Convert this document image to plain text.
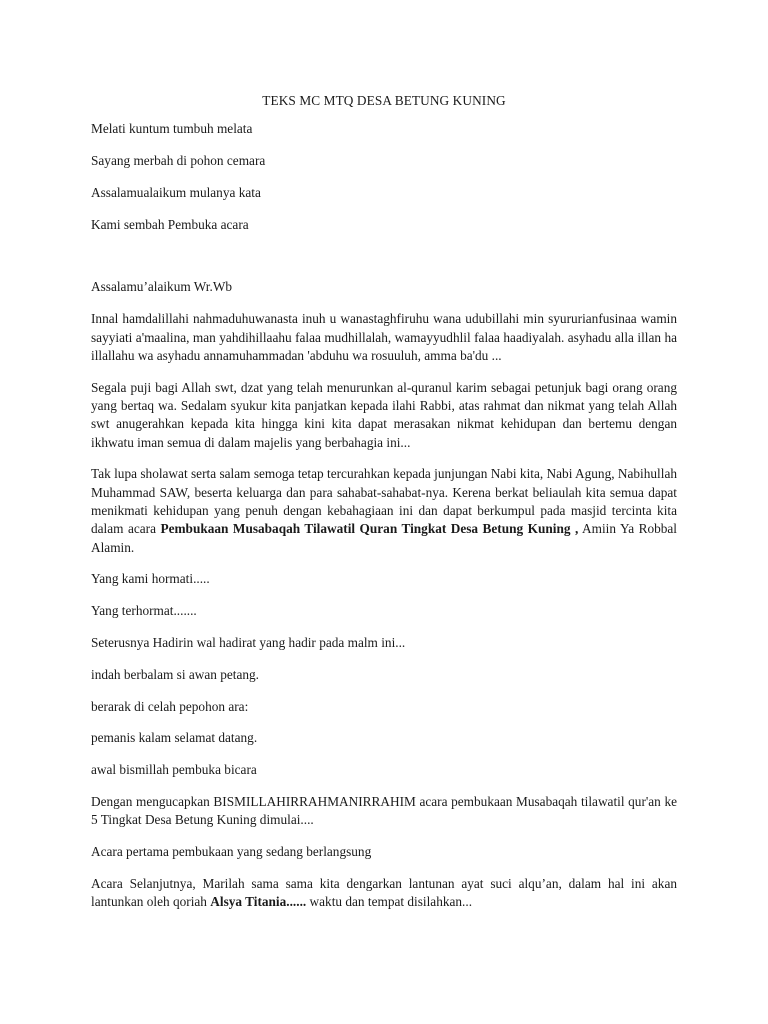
TEKS MC MTQ DESA BETUNG KUNING
Melati kuntum tumbuh melata
Sayang merbah di pohon cemara
Assalamualaikum mulanya kata
Kami sembah Pembuka acara
Assalamu’alaikum Wr.Wb
Innal hamdalillahi nahmaduhuwanasta inuh u wanastaghfiruhu wana udubillahi min syururianfusinaa wamin sayyiati a'maalina, man yahdihillaahu falaa mudhillalah, wamayyudhlil falaa haadiyalah. asyhadu alla illan ha illallahu wa asyhadu annamuhammadan 'abduhu wa rosuuluh, amma ba'du ...
Segala puji bagi Allah swt, dzat yang telah menurunkan al-quranul karim sebagai petunjuk bagi orang orang yang bertaq wa. Sedalam syukur kita panjatkan kepada ilahi Rabbi, atas rahmat dan nikmat yang telah Allah swt anugerahkan kepada kita hingga kini kita dapat merasakan nikmat kehidupan dan bertemu dengan ikhwatu iman semua di dalam majelis yang berbahagia ini...
Tak lupa sholawat serta salam semoga tetap tercurahkan kepada junjungan Nabi kita, Nabi Agung, Nabihullah Muhammad SAW, beserta keluarga dan para sahabat-sahabat-nya. Kerena berkat beliaulah kita semua dapat menikmati kehidupan yang penuh dengan kebahagiaan ini dan dapat berkumpul pada masjid tercinta kita dalam acara Pembukaan Musabaqah Tilawatil Quran Tingkat Desa Betung Kuning , Amiin Ya Robbal Alamin.
Yang kami hormati.....
Yang terhormat.......
Seterusnya Hadirin wal hadirat yang hadir pada malm ini...
indah berbalam si awan petang.
berarak di celah pepohon ara:
pemanis kalam selamat datang.
awal bismillah pembuka bicara
Dengan mengucapkan BISMILLAHIRRAHMANIRRAHIM acara pembukaan Musabaqah tilawatil qur'an ke 5 Tingkat Desa Betung Kuning dimulai....
Acara pertama pembukaan yang sedang berlangsung
Acara Selanjutnya, Marilah sama sama kita dengarkan lantunan ayat suci alqu’an, dalam hal ini akan lantunkan oleh qoriah Alsya Titania...... waktu dan tempat disilahkan...
